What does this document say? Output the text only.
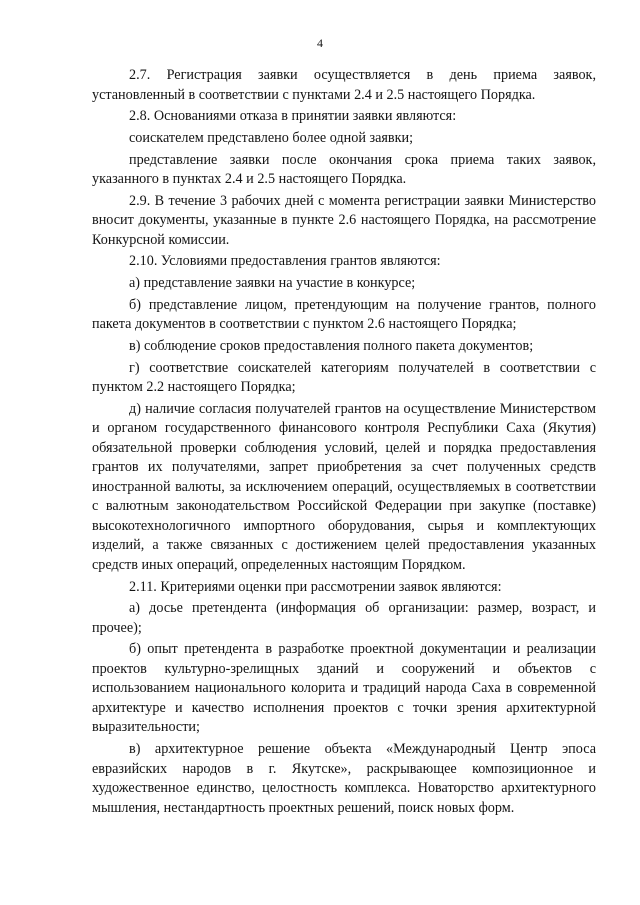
4

2.7. Регистрация заявки осуществляется в день приема заявок, установленный в соответствии с пунктами 2.4 и 2.5 настоящего Порядка.

2.8. Основаниями отказа в принятии заявки являются:

соискателем представлено более одной заявки;

представление заявки после окончания срока приема таких заявок, указанного в пунктах 2.4 и 2.5 настоящего Порядка.

2.9. В течение 3 рабочих дней с момента регистрации заявки Министерство вносит документы, указанные в пункте 2.6 настоящего Порядка, на рассмотрение Конкурсной комиссии.

2.10. Условиями предоставления грантов являются:

а) представление заявки на участие в конкурсе;

б) представление лицом, претендующим на получение грантов, полного пакета документов в соответствии с пунктом 2.6 настоящего Порядка;

в) соблюдение сроков предоставления полного пакета документов;

г) соответствие соискателей категориям получателей в соответствии с пунктом 2.2 настоящего Порядка;

д) наличие согласия получателей грантов на осуществление Министерством и органом государственного финансового контроля Республики Саха (Якутия) обязательной проверки соблюдения условий, целей и порядка предоставления грантов их получателями, запрет приобретения за счет полученных средств иностранной валюты, за исключением операций, осуществляемых в соответствии с валютным законодательством Российской Федерации при закупке (поставке) высокотехнологичного импортного оборудования, сырья и комплектующих изделий, а также связанных с достижением целей предоставления указанных средств иных операций, определенных настоящим Порядком.

2.11. Критериями оценки при рассмотрении заявок являются:

а) досье претендента (информация об организации: размер, возраст, и прочее);

б) опыт претендента в разработке проектной документации и реализации проектов культурно-зрелищных зданий и сооружений и объектов с использованием национального колорита и традиций народа Саха в современной архитектуре и качество исполнения проектов с точки зрения архитектурной выразительности;

в) архитектурное решение объекта «Международный Центр эпоса евразийских народов в г. Якутске», раскрывающее композиционное и художественное единство, целостность комплекса. Новаторство архитектурного мышления, нестандартность проектных решений, поиск новых форм.
